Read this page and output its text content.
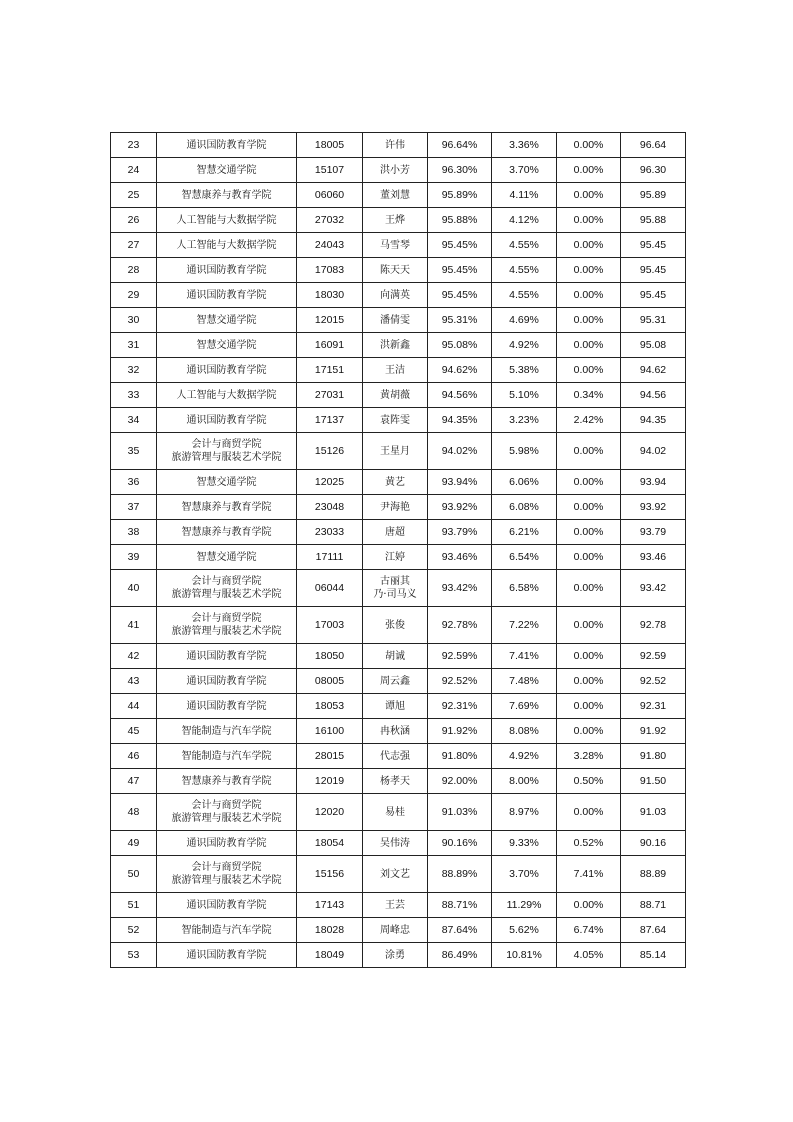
23	通识国防教育学院	18005	许伟	96.64%	3.36%	0.00%	96.64
24	智慧交通学院	15107	洪小芳	96.30%	3.70%	0.00%	96.30
25	智慧康养与教育学院	06060	董刘慧	95.89%	4.11%	0.00%	95.89
26	人工智能与大数据学院	27032	王烨	95.88%	4.12%	0.00%	95.88
27	人工智能与大数据学院	24043	马雪琴	95.45%	4.55%	0.00%	95.45
28	通识国防教育学院	17083	陈天天	95.45%	4.55%	0.00%	95.45
29	通识国防教育学院	18030	向满英	95.45%	4.55%	0.00%	95.45
30	智慧交通学院	12015	潘倩雯	95.31%	4.69%	0.00%	95.31
31	智慧交通学院	16091	洪新鑫	95.08%	4.92%	0.00%	95.08
32	通识国防教育学院	17151	王洁	94.62%	5.38%	0.00%	94.62
33	人工智能与大数据学院	27031	黄胡薇	94.56%	5.10%	0.34%	94.56
34	通识国防教育学院	17137	袁阵雯	94.35%	3.23%	2.42%	94.35
35	会计与商贸学院
旅游管理与服装艺术学院	15126	王星月	94.02%	5.98%	0.00%	94.02
36	智慧交通学院	12025	黄艺	93.94%	6.06%	0.00%	93.94
37	智慧康养与教育学院	23048	尹海艳	93.92%	6.08%	0.00%	93.92
38	智慧康养与教育学院	23033	唐超	93.79%	6.21%	0.00%	93.79
39	智慧交通学院	17111	江婷	93.46%	6.54%	0.00%	93.46
40	会计与商贸学院
旅游管理与服装艺术学院	06044	古丽其
乃·司马义	93.42%	6.58%	0.00%	93.42
41	会计与商贸学院
旅游管理与服装艺术学院	17003	张俊	92.78%	7.22%	0.00%	92.78
42	通识国防教育学院	18050	胡诚	92.59%	7.41%	0.00%	92.59
43	通识国防教育学院	08005	周云鑫	92.52%	7.48%	0.00%	92.52
44	通识国防教育学院	18053	谭旭	92.31%	7.69%	0.00%	92.31
45	智能制造与汽车学院	16100	冉秋涵	91.92%	8.08%	0.00%	91.92
46	智能制造与汽车学院	28015	代志强	91.80%	4.92%	3.28%	91.80
47	智慧康养与教育学院	12019	杨孝天	92.00%	8.00%	0.50%	91.50
48	会计与商贸学院
旅游管理与服装艺术学院	12020	易桂	91.03%	8.97%	0.00%	91.03
49	通识国防教育学院	18054	吴伟涛	90.16%	9.33%	0.52%	90.16
50	会计与商贸学院
旅游管理与服装艺术学院	15156	刘文艺	88.89%	3.70%	7.41%	88.89
51	通识国防教育学院	17143	王芸	88.71%	11.29%	0.00%	88.71
52	智能制造与汽车学院	18028	周峰忠	87.64%	5.62%	6.74%	87.64
53	通识国防教育学院	18049	涂勇	86.49%	10.81%	4.05%	85.14
